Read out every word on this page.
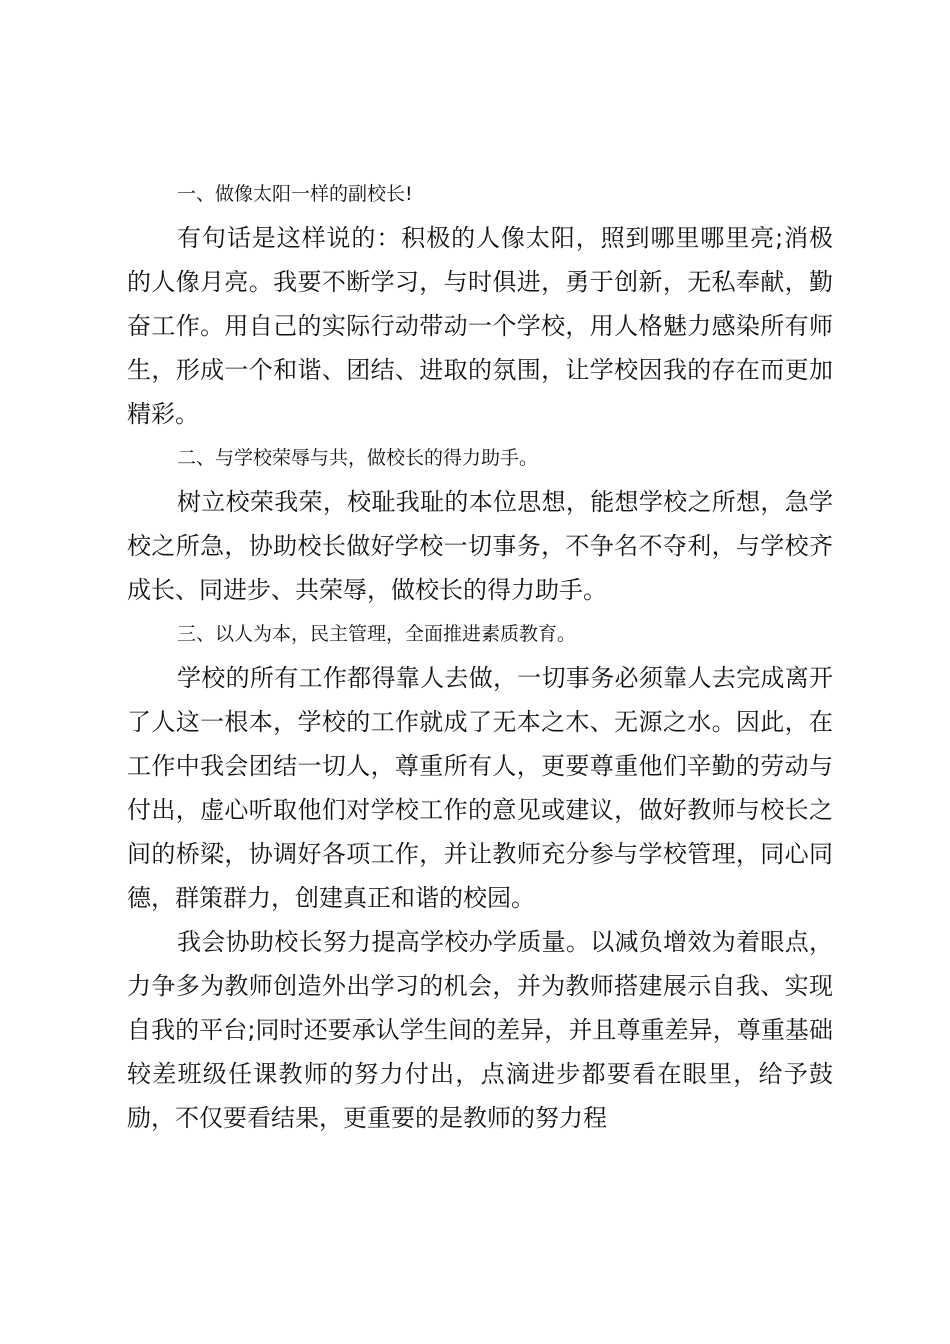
一、做像太阳一样的副校长!

有句话是这样说的：积极的人像太阳，照到哪里哪里亮;消极的人像月亮。我要不断学习，与时俱进，勇于创新，无私奉献，勤奋工作。用自己的实际行动带动一个学校，用人格魅力感染所有师生，形成一个和谐、团结、进取的氛围，让学校因我的存在而更加精彩。

二、与学校荣辱与共，做校长的得力助手。

树立校荣我荣，校耻我耻的本位思想，能想学校之所想，急学校之所急，协助校长做好学校一切事务，不争名不夺利，与学校齐成长、同进步、共荣辱，做校长的得力助手。

三、以人为本，民主管理，全面推进素质教育。

学校的所有工作都得靠人去做，一切事务必须靠人去完成离开了人这一根本，学校的工作就成了无本之木、无源之水。因此，在工作中我会团结一切人，尊重所有人，更要尊重他们辛勤的劳动与付出，虚心听取他们对学校工作的意见或建议，做好教师与校长之间的桥梁，协调好各项工作，并让教师充分参与学校管理，同心同德，群策群力，创建真正和谐的校园。

我会协助校长努力提高学校办学质量。以减负增效为着眼点，力争多为教师创造外出学习的机会，并为教师搭建展示自我、实现自我的平台;同时还要承认学生间的差异，并且尊重差异，尊重基础较差班级任课教师的努力付出，点滴进步都要看在眼里，给予鼓励，不仅要看结果，更重要的是教师的努力程
